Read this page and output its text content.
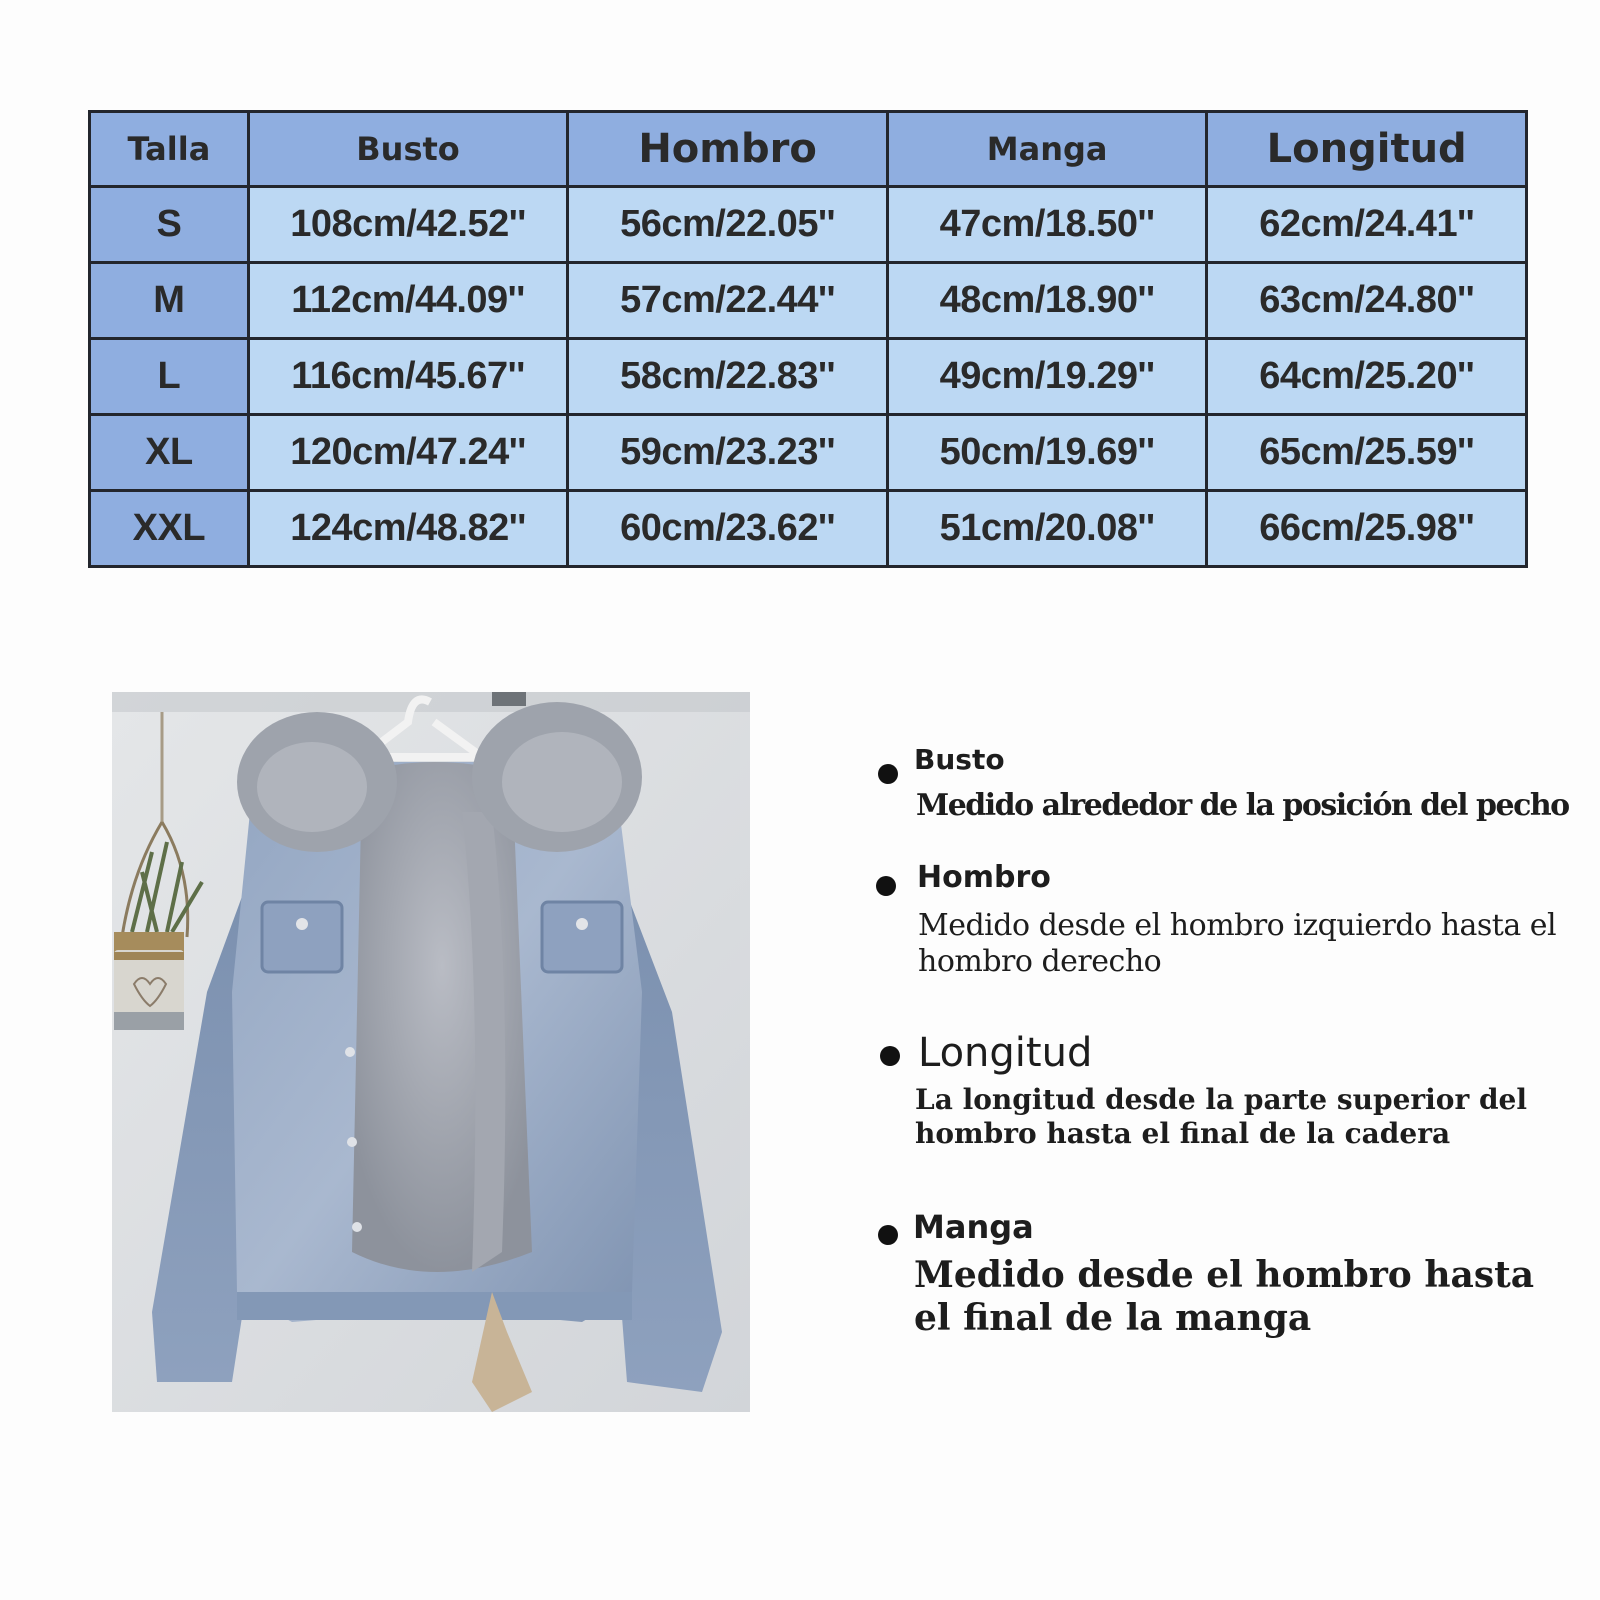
Talla	Busto	Hombro	Manga	Longitud
S	108cm/42.52''	56cm/22.05''	47cm/18.50''	62cm/24.41''
M	112cm/44.09''	57cm/22.44''	48cm/18.90''	63cm/24.80''
L	116cm/45.67''	58cm/22.83''	49cm/19.29''	64cm/25.20''
XL	120cm/47.24''	59cm/23.23''	50cm/19.69''	65cm/25.59''
XXL	124cm/48.82''	60cm/23.62''	51cm/20.08''	66cm/25.98''
Busto
Medido alrededor de la posición del pecho
Hombro
Medido desde el hombro izquierdo hasta el hombro derecho
Longitud
La longitud desde la parte superior del hombro hasta el final de la cadera
Manga
Medido desde el hombro hasta el final de la manga
